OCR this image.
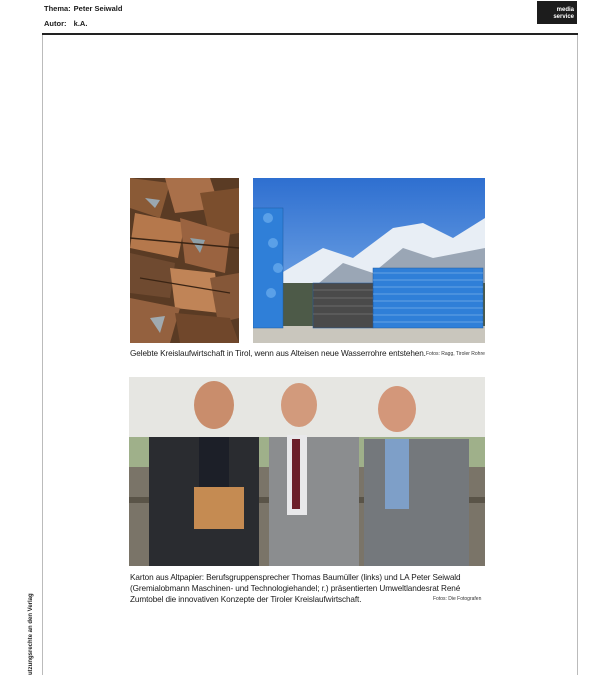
Thema: Peter Seiwald
Autor: k.A.
media
service
utzungsrechte an den Verlag
Gelebte Kreislaufwirtschaft in Tirol, wenn aus Alteisen neue Wasserrohre entstehen. Fotos: Ragg, Tiroler Rohre
Karton aus Altpapier: Berufsgruppensprecher Thomas Baumüller (links) und LA Peter Seiwald (Gremialobmann Maschinen- und Technologiehandel; r.) präsentierten Umweltlandesrat René Zumtobel die innovativen Konzepte der Tiroler Kreislaufwirtschaft.	Fotos: Die Fotografen
